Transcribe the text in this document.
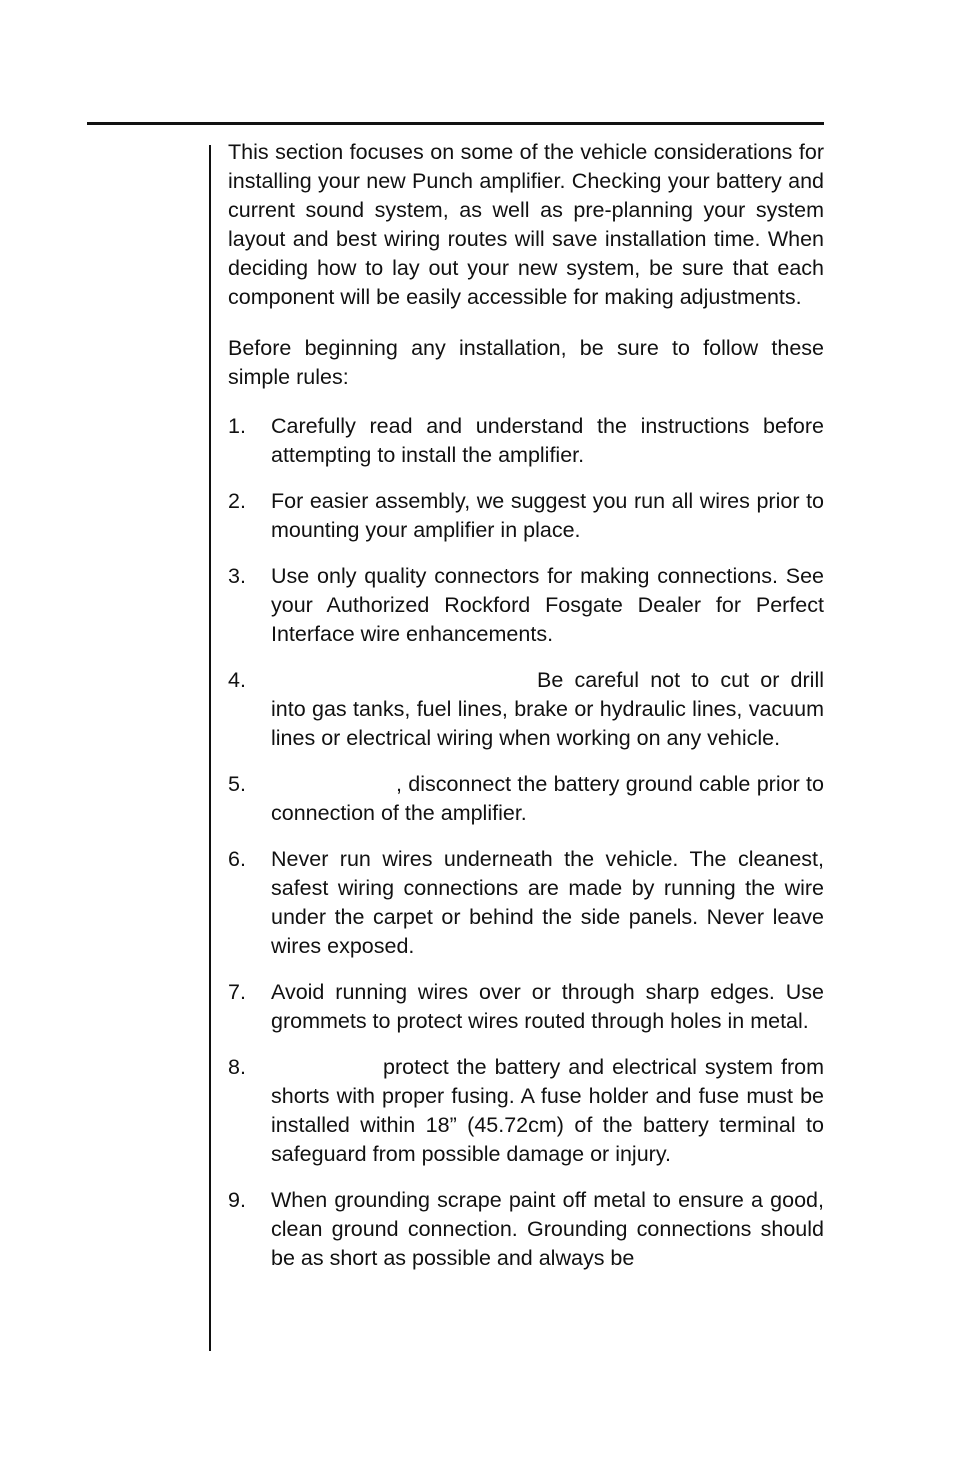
This section focuses on some of the vehicle considerations for installing your new Punch amplifier. Checking your battery and current sound system, as well as pre-planning your system layout and best wiring routes will save installation time. When deciding how to lay out your new system, be sure that each component will be easily accessible for making adjustments.

Before beginning any installation, be sure to follow these simple rules:

1. Carefully read and understand the instructions before attempting to install the amplifier.
2. For easier assembly, we suggest you run all wires prior to mounting your amplifier in place.
3. Use only quality connectors for making connections. See your Authorized Rockford Fosgate Dealer for Perfect Interface wire enhancements.
4.	Be careful not to cut or drill into gas tanks, fuel lines, brake or hydraulic lines, vacuum lines or electrical wiring when working on any vehicle.
5.	, disconnect the battery ground cable prior to connection of the amplifier.
6. Never run wires underneath the vehicle. The cleanest, safest wiring connections are made by running the wire under the carpet or behind the side panels. Never leave wires exposed.
7. Avoid running wires over or through sharp edges. Use grommets to protect wires routed through holes in metal.
8.	protect the battery and electrical system from shorts with proper fusing. A fuse holder and fuse must be installed within 18” (45.72cm) of the battery terminal to safeguard from possible damage or injury.
9. When grounding scrape paint off metal to ensure a good, clean ground connection. Grounding connections should be as short as possible and always be
